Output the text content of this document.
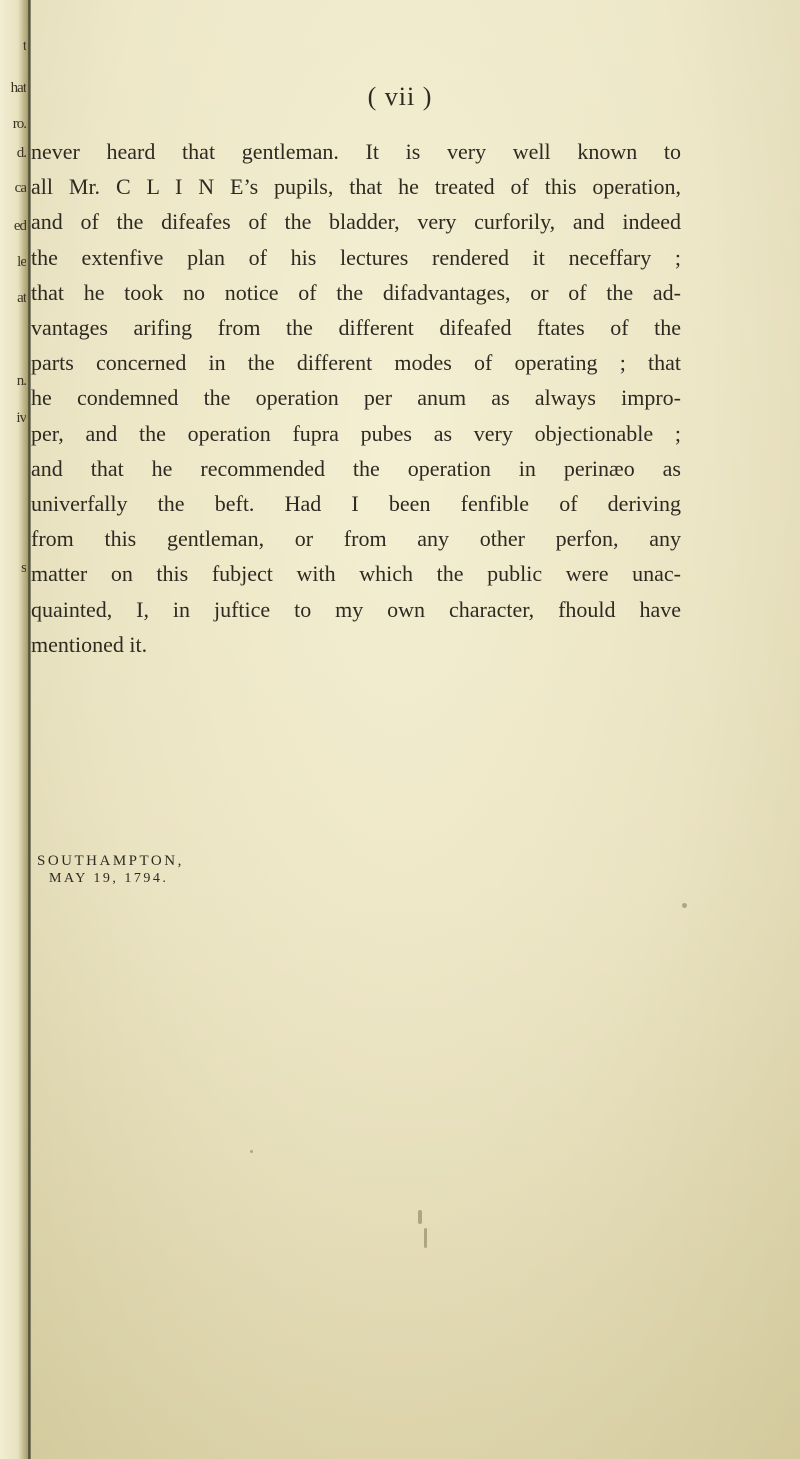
t
hat
ro.
d.
ca
ed
le
at
n.
iv
s
( vii )
never heard that gentleman. It is very well known to
all Mr. C L I N E’s pupils, that he treated of this operation,
and of the difeafes of the bladder, very curforily, and indeed
the extenfive plan of his lectures rendered it neceffary ;
that he took no notice of the difadvantages, or of the ad-
vantages arifing from the different difeafed ftates of the
parts concerned in the different modes of operating ; that
he condemned the operation per anum as always impro-
per, and the operation fupra pubes as very objectionable ;
and that he recommended the operation in perinæo as
univerfally the beft. Had I been fenfible of deriving
from this gentleman, or from any other perfon, any
matter on this fubject with which the public were unac-
quainted, I, in juftice to my own character, fhould have
mentioned it.
SOUTHAMPTON,
MAY 19, 1794.
